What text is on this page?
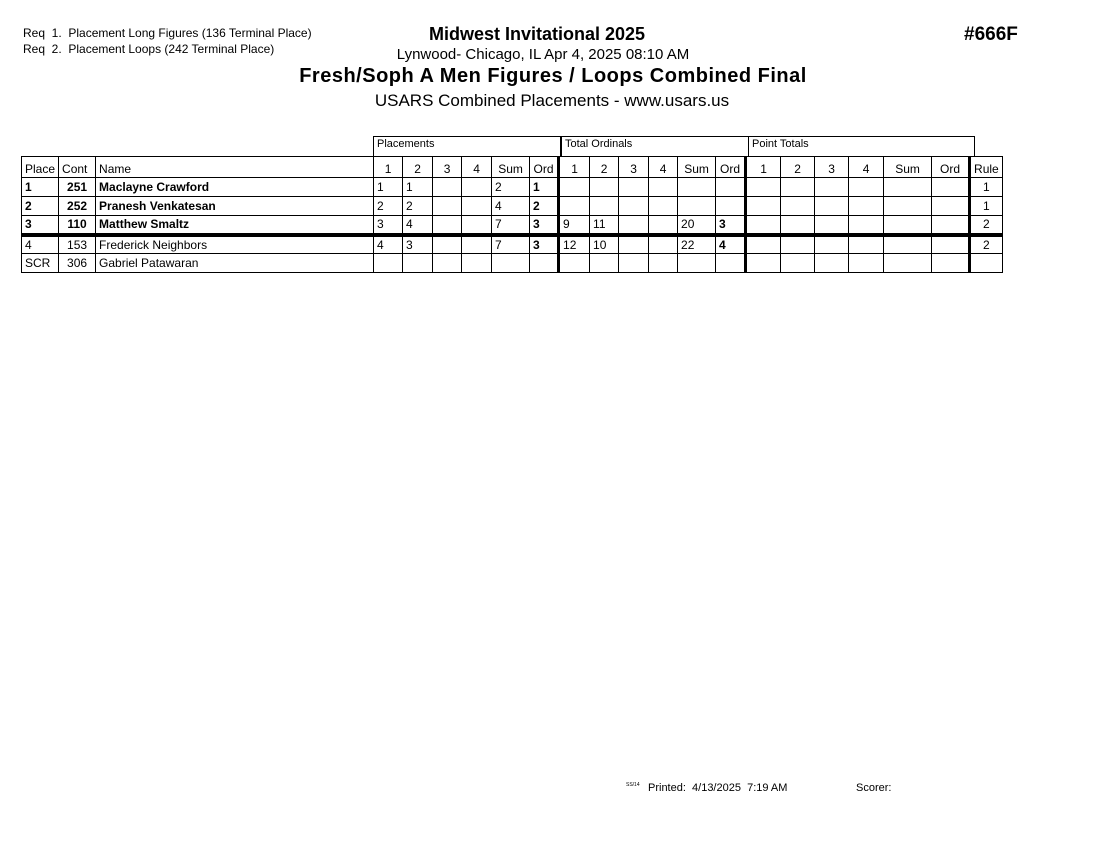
Req  1.  Placement Long Figures (136 Terminal Place)
Req  2.  Placement Loops (242 Terminal Place)
Midwest Invitational 2025
Lynwood- Chicago, IL Apr 4, 2025 08:10 AM
Fresh/Soph A Men Figures / Loops Combined Final
USARS Combined Placements - www.usars.us
#666F
Placements	Total Ordinals	Point Totals
Place	Cont	Name	1	2	3	4	Sum	Ord	1	2	3	4	Sum	Ord	1	2	3	4	Sum	Ord	Rule
1	251	Maclayne Crawford	1	1			2	1													1
2	252	Pranesh Venkatesan	2	2			4	2													1
3	110	Matthew Smaltz	3	4			7	3	9	11			20	3							2
4	153	Frederick Neighbors	4	3			7	3	12	10			22	4							2
SCR	306	Gabriel Patawaran																			
SS/14 Printed:  4/13/2025  7:19 AM	Scorer:
